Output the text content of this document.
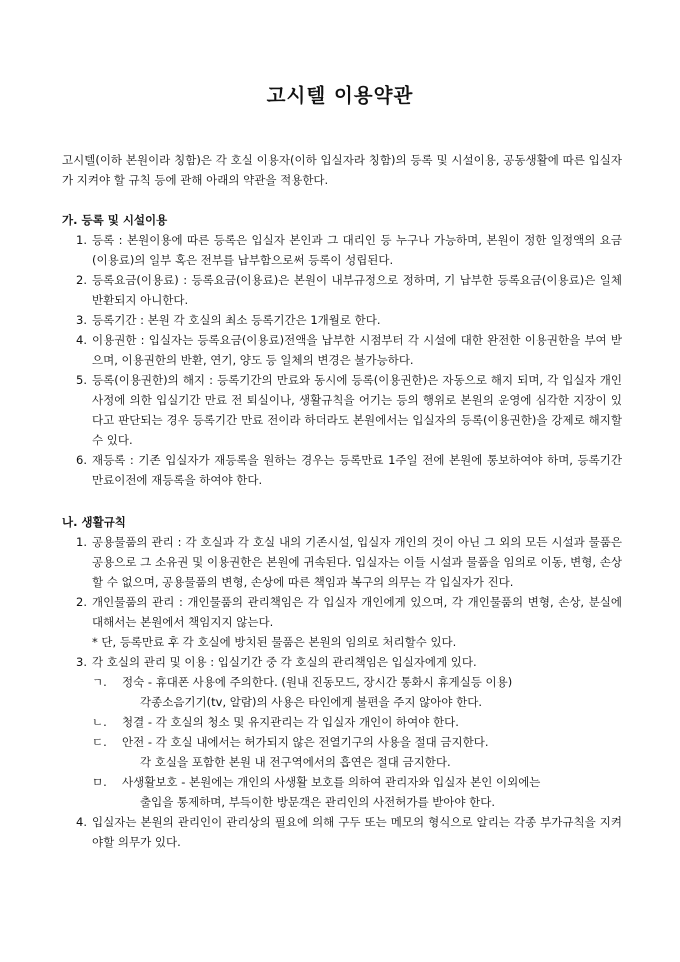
고시텔 이용약관
고시텔(이하 본원이라 칭함)은 각 호실 이용자(이하 입실자라 칭함)의 등록 및 시설이용, 공동생활에 따른 입실자가 지켜야 할 규칙 등에 관해 아래의 약관을 적용한다.
가. 등록 및 시설이용
1. 등록 : 본원이용에 따른 등록은 입실자 본인과 그 대리인 등 누구나 가능하며, 본원이 정한 일정액의 요금(이용료)의 일부 혹은 전부를 납부함으로써 등록이 성립된다.
2. 등록요금(이용료) : 등록요금(이용료)은 본원이 내부규정으로 정하며, 기 납부한 등록요금(이용료)은 일체 반환되지 아니한다.
3. 등록기간 : 본원 각 호실의 최소 등록기간은 1개월로 한다.
4. 이용권한 : 입실자는 등록요금(이용료)전액을 납부한 시점부터 각 시설에 대한 완전한 이용권한을 부여 받으며, 이용권한의 반환, 연기, 양도 등 일체의 변경은 불가능하다.
5. 등록(이용권한)의 해지 : 등록기간의 만료와 동시에 등록(이용권한)은 자동으로 해지 되며, 각 입실자 개인사정에 의한 입실기간 만료 전 퇴실이나, 생활규칙을 어기는 등의 행위로 본원의 운영에 심각한 지장이 있다고 판단되는 경우 등록기간 만료 전이라 하더라도 본원에서는 입실자의 등록(이용권한)을 강제로 해지할 수 있다.
6. 재등록 : 기존 입실자가 재등록을 원하는 경우는 등록만료 1주일 전에 본원에 통보하여야 하며, 등록기간 만료이전에 재등록을 하여야 한다.
나. 생활규칙
1. 공용물품의 관리 : 각 호실과 각 호실 내의 기존시설, 입실자 개인의 것이 아닌 그 외의 모든 시설과 물품은 공용으로 그 소유권 및 이용권한은 본원에 귀속된다. 입실자는 이들 시설과 물품을 임의로 이동, 변형, 손상할 수 없으며, 공용물품의 변형, 손상에 따른 책임과 복구의 의무는 각 입실자가 진다.
2. 개인물품의 관리 : 개인물품의 관리책임은 각 입실자 개인에게 있으며, 각 개인물품의 변형, 손상, 분실에 대해서는 본원에서 책임지지 않는다.
* 단, 등록만료 후 각 호실에 방치된 물품은 본원의 임의로 처리할수 있다.
3. 각 호실의 관리 및 이용 : 입실기간 중 각 호실의 관리책임은 입실자에게 있다.
ㄱ. 정숙 - 휴대폰 사용에 주의한다. (원내 진동모드, 장시간 통화시 휴게실등 이용)
각종소음기기(tv, 알람)의 사용은 타인에게 불편을 주지 않아야 한다.
ㄴ. 청결 - 각 호실의 청소 및 유지관리는 각 입실자 개인이 하여야 한다.
ㄷ. 안전 - 각 호실 내에서는 허가되지 않은 전열기구의 사용을 절대 금지한다.
각 호실을 포함한 본원 내 전구역에서의 흡연은 절대 금지한다.
ㅁ. 사생활보호 - 본원에는 개인의 사생활 보호를 의하여 관리자와 입실자 본인 이외에는
출입을 통제하며, 부득이한 방문객은 관리인의 사전허가를 받아야 한다.
4. 입실자는 본원의 관리인이 관리상의 필요에 의해 구두 또는 메모의 형식으로 알리는 각종 부가규칙을 지켜야할 의무가 있다.
